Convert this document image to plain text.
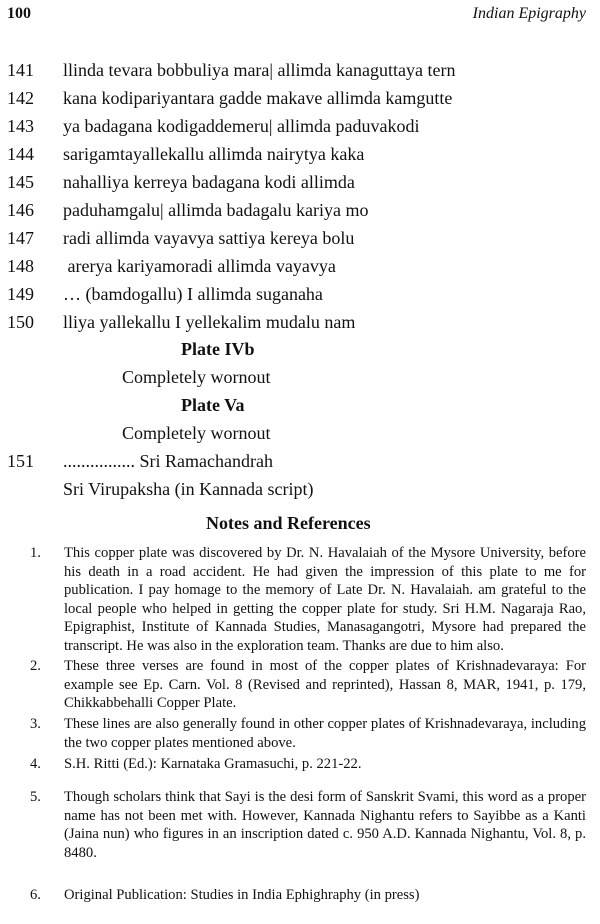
100	Indian Epigraphy
141 llinda tevara bobbuliya mara| allimda kanaguttaya tern
142 kana kodipariyantara gadde makave allimda kamgutte
143 ya badagana kodigaddemeru| allimda paduvakodi
144 sarigamtayallekallu allimda nairytya kaka
145 nahalliya kerreya badagana kodi allimda
146 paduhamgalu| allimda badagalu kariya mo
147 radi allimda vayavya sattiya kereya bolu
148 arerya kariyamoradi allimda vayavya
149 … (bamdogallu) I allimda suganaha
150 lliya yallekallu I yellekalim mudalu nam
Plate IVb
Completely wornout
Plate Va
Completely wornout
151 ................ Sri Ramachandrah
Sri Virupaksha (in Kannada script)
Notes and References
1.	This copper plate was discovered by Dr. N. Havalaiah of the Mysore University, before his death in a road accident. He had given the impression of this plate to me for publication. I pay homage to the memory of Late Dr. N. Havalaiah. am grateful to the local people who helped in getting the copper plate for study. Sri H.M. Nagaraja Rao, Epigraphist, Institute of Kannada Studies, Manasagangotri, Mysore had prepared the transcript. He was also in the exploration team. Thanks are due to him also.
2.	These three verses are found in most of the copper plates of Krishnadevaraya: For example see Ep. Carn. Vol. 8 (Revised and reprinted), Hassan 8, MAR, 1941, p. 179, Chikkabbehalli Copper Plate.
3.	These lines are also generally found in other copper plates of Krishnadevaraya, including the two copper plates mentioned above.
4.	S.H. Ritti (Ed.): Karnataka Gramasuchi, p. 221-22.
5.	Though scholars think that Sayi is the desi form of Sanskrit Svami, this word as a proper name has not been met with. However, Kannada Nighantu refers to Sayibbe as a Kanti (Jaina nun) who figures in an inscription dated c. 950 A.D. Kannada Nighantu, Vol. 8, p. 8480.
6.	Original Publication: Studies in India Ephighraphy (in press)
